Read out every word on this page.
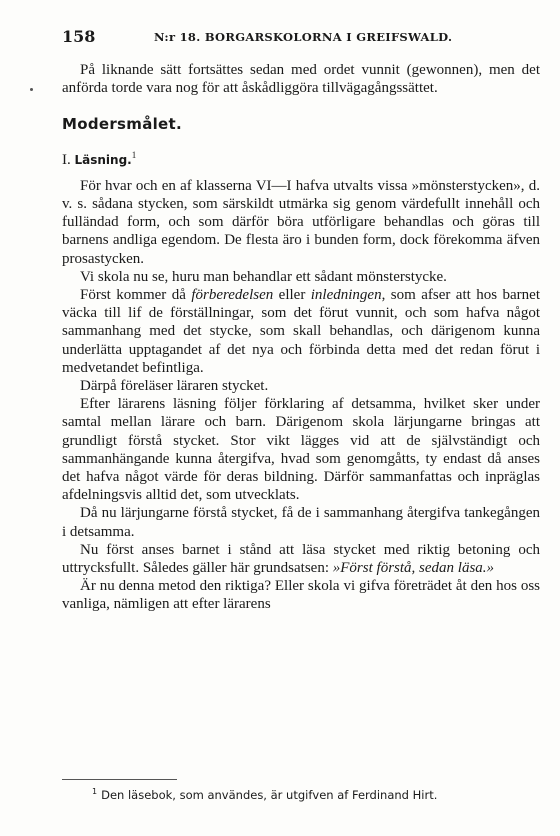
158	N:r 18. BORGARSKOLORNA I GREIFSWALD.

På liknande sätt fortsättes sedan med ordet vunnit (gewonnen), men det anförda torde vara nog för att åskådliggöra tillvägagångssättet.

Modersmålet.

I. Läsning.$^1$

För hvar och en af klasserna VI—I hafva utvalts vissa »mönsterstycken», d. v. s. sådana stycken, som särskildt utmärka sig genom värdefullt innehåll och fulländad form, och som därför böra utförligare behandlas och göras till barnens andliga egendom. De flesta äro i bunden form, dock förekomma äfven prosastycken.

Vi skola nu se, huru man behandlar ett sådant mönsterstycke.

Först kommer då förberedelsen eller inledningen, som afser att hos barnet väcka till lif de förställningar, som det förut vunnit, och som hafva något sammanhang med det stycke, som skall behandlas, och därigenom kunna underlätta upptagandet af det nya och förbinda detta med det redan förut i medvetandet befintliga.

Därpå föreläser läraren stycket.

Efter lärarens läsning följer förklaring af detsamma, hvilket sker under samtal mellan lärare och barn. Därigenom skola lärjungarne bringas att grundligt förstå stycket. Stor vikt lägges vid att de självständigt och sammanhängande kunna återgifva, hvad som genomgåtts, ty endast då anses det hafva något värde för deras bildning. Därför sammanfattas och inpräglas afdelningsvis alltid det, som utvecklats.

Då nu lärjungarne förstå stycket, få de i sammanhang återgifva tankegången i detsamma.

Nu först anses barnet i stånd att läsa stycket med riktig betoning och uttrycksfullt. Således gäller här grundsatsen: »Först förstå, sedan läsa.»

Är nu denna metod den riktiga? Eller skola vi gifva företrädet åt den hos oss vanliga, nämligen att efter lärarens

$^1$ Den läsebok, som användes, är utgifven af Ferdinand Hirt.
